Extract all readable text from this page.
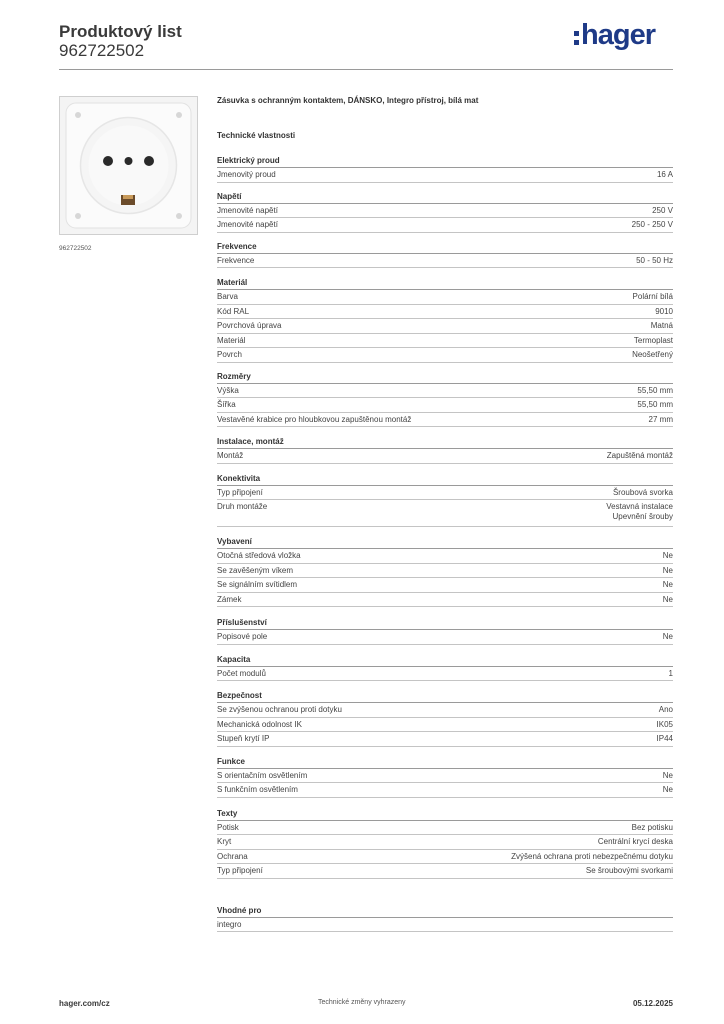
Produktový list
962722502	hager
962722502
Zásuvka s ochranným kontaktem, DÁNSKO, Integro přístroj, bílá mat
Technické vlastnosti
Elektrický proud
Jmenovitý proud	16 A
Napětí
Jmenovité napětí	250 V
Jmenovité napětí	250 - 250 V
Frekvence
Frekvence	50 - 50 Hz
Materiál
Barva	Polární bílá
Kód RAL	9010
Povrchová úprava	Matná
Materiál	Termoplast
Povrch	Neošetřený
Rozměry
Výška	55,50 mm
Šířka	55,50 mm
Vestavěné krabice pro hloubkovou zapuštěnou montáž	27 mm
Instalace, montáž
Montáž	Zapuštěná montáž
Konektivita
Typ připojení	Šroubová svorka
Druh montáže	Vestavná instalace
Upevnění šrouby
Vybavení
Otočná středová vložka	Ne
Se zavěšeným víkem	Ne
Se signálním svítidlem	Ne
Zámek	Ne
Příslušenství
Popisové pole	Ne
Kapacita
Počet modulů	1
Bezpečnost
Se zvýšenou ochranou proti dotyku	Ano
Mechanická odolnost IK	IK05
Stupeň krytí IP	IP44
Funkce
S orientačním osvětlením	Ne
S funkčním osvětlením	Ne
Texty
Potisk	Bez potisku
Kryt	Centrální krycí deska
Ochrana	Zvýšená ochrana proti nebezpečnému dotyku
Typ připojení	Se šroubovými svorkami
Vhodné pro
integro
hager.com/cz	Technické změny vyhrazeny	05.12.2025
